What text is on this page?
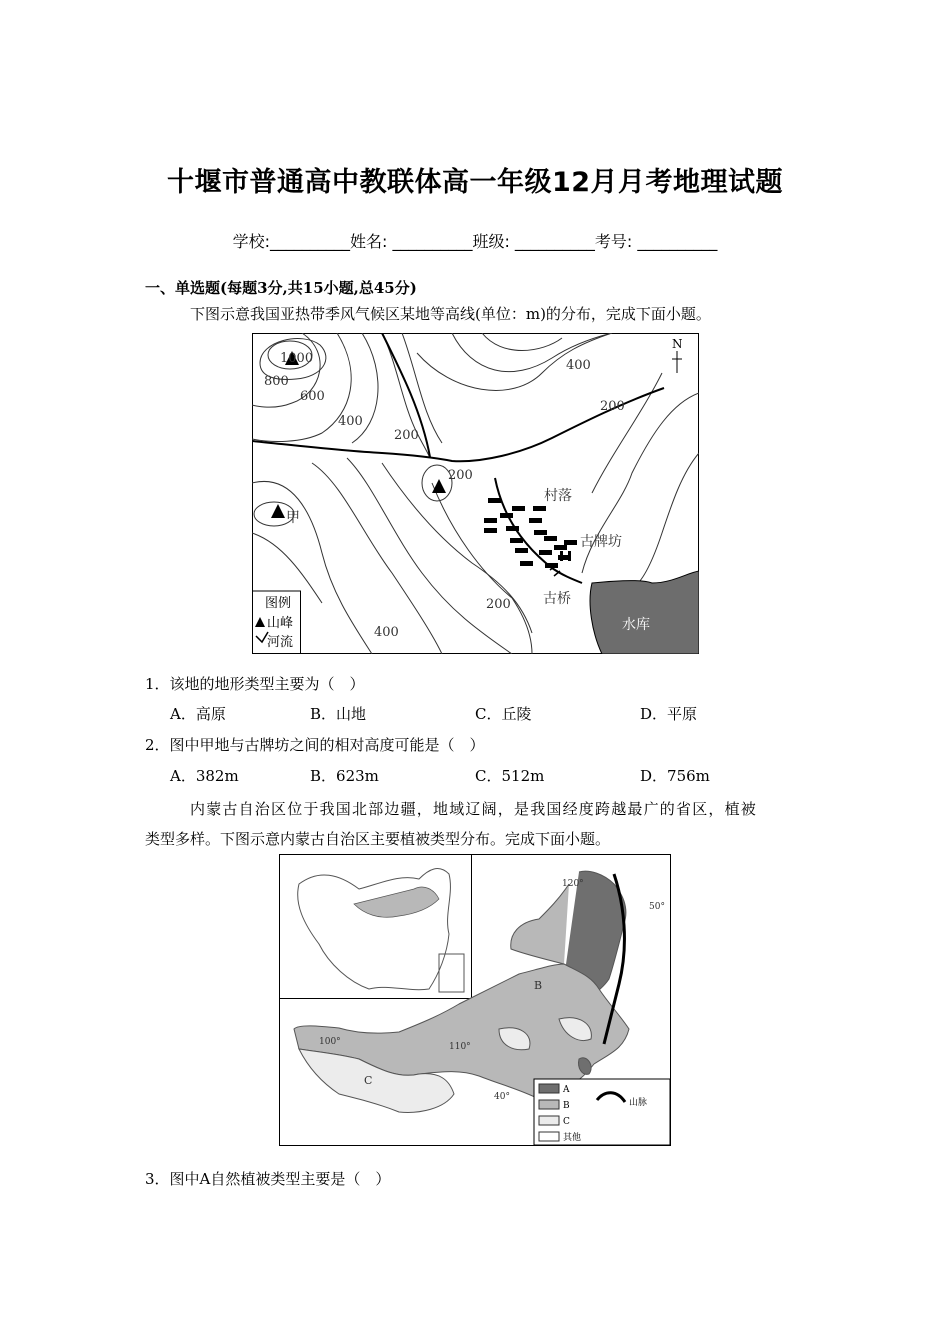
十堰市普通高中教联体高一年级12月月考地理试题
学校:__________姓名: __________班级: __________考号: __________
一、单选题(每题3分,共15小题,总45分)
下图示意我国亚热带季风气候区某地等高线(单位：m)的分布，完成下面小题。
1000
800
600
400
200
400
200
200
200
400
村落
古牌坊
古桥
水库
甲
N
图例
山峰
河流
1．该地的地形类型主要为（　）
A．高原	B．山地	C．丘陵	D．平原
2．图中甲地与古牌坊之间的相对高度可能是（　）
A．382m	B．623m	C．512m	D．756m
内蒙古自治区位于我国北部边疆，地域辽阔，是我国经度跨越最广的省区，植被
类型多样。下图示意内蒙古自治区主要植被类型分布。完成下面小题。
120°
50°
100°	110°
40°
B
C
A
B
C
其他
山脉
3．图中A自然植被类型主要是（　）
